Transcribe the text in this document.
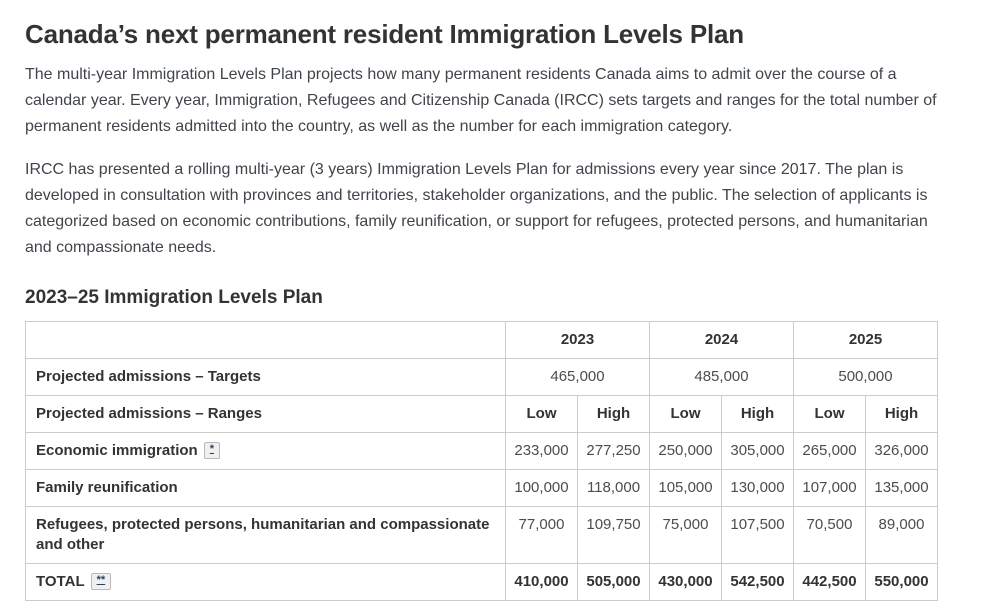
Canada’s next permanent resident Immigration Levels Plan

The multi-year Immigration Levels Plan projects how many permanent residents Canada aims to admit over the course of a calendar year. Every year, Immigration, Refugees and Citizenship Canada (IRCC) sets targets and ranges for the total number of permanent residents admitted into the country, as well as the number for each immigration category.

IRCC has presented a rolling multi-year (3 years) Immigration Levels Plan for admissions every year since 2017. The plan is developed in consultation with provinces and territories, stakeholder organizations, and the public. The selection of applicants is categorized based on economic contributions, family reunification, or support for refugees, protected persons, and humanitarian and compassionate needs.

2023–25 Immigration Levels Plan
	2023		2024		2025	
Projected admissions – Targets	465,000		485,000		500,000	
Projected admissions – Ranges	Low	High	Low	High	Low	High
Economic immigration *	233,000	277,250	250,000	305,000	265,000	326,000
Family reunification	100,000	118,000	105,000	130,000	107,000	135,000
Refugees, protected persons, humanitarian and compassionate and other	77,000	109,750	75,000	107,500	70,500	89,000
TOTAL **	410,000	505,000	430,000	542,500	442,500	550,000
